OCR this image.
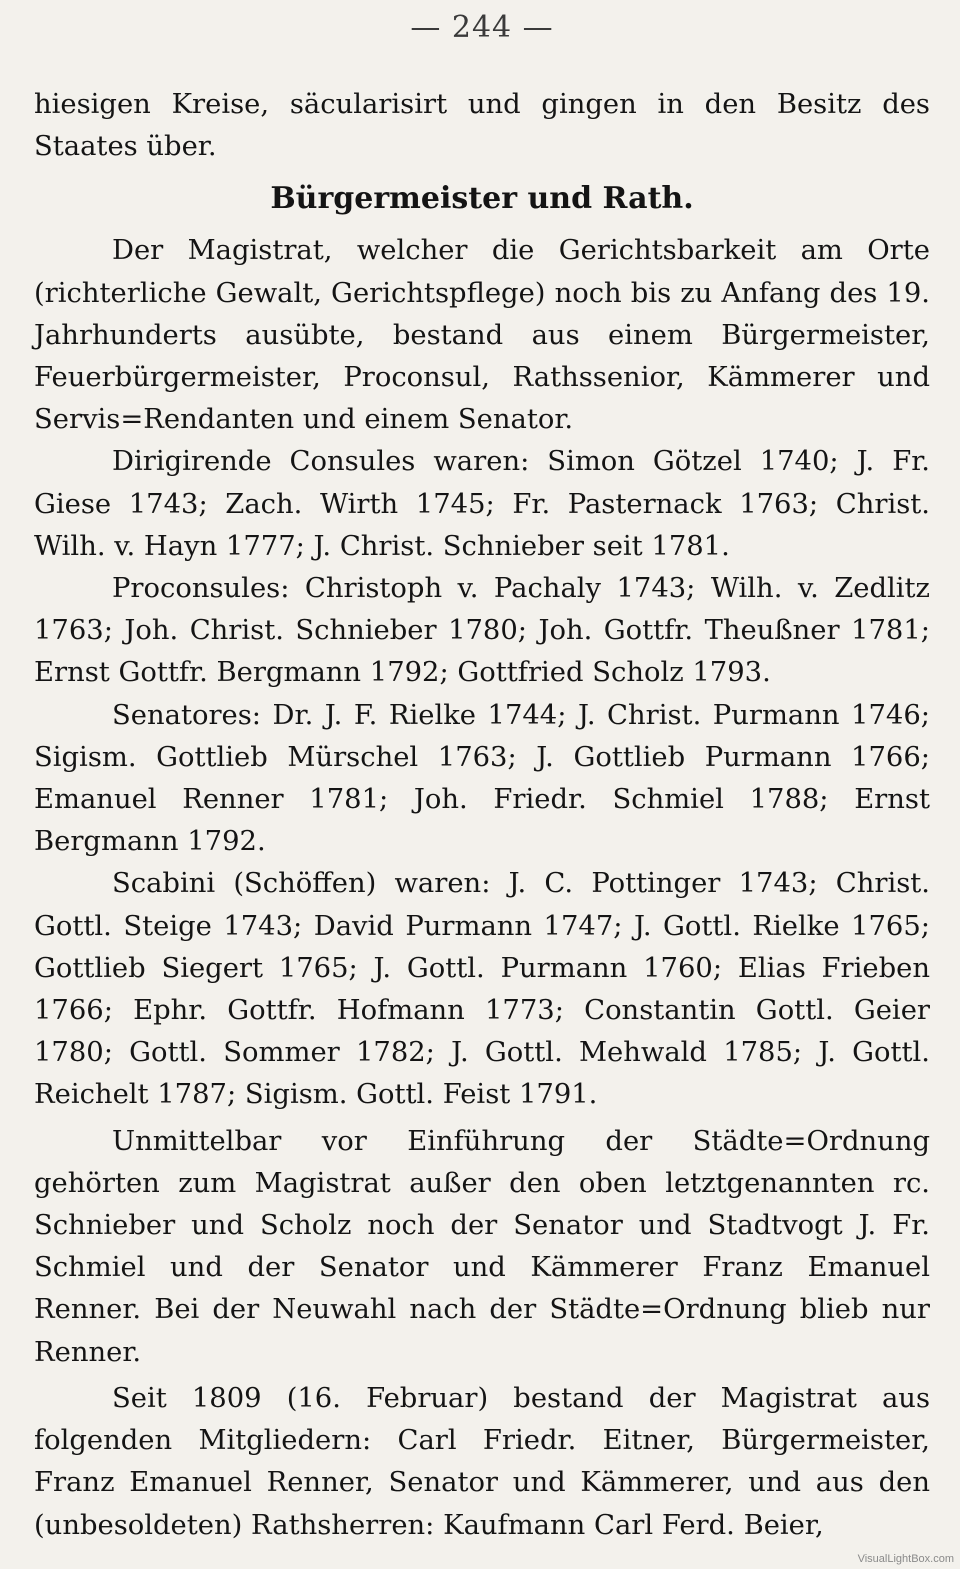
— 244 —

hiesigen Kreise, säcularisirt und gingen in den Besitz des Staates über.

Bürgermeister und Rath.

Der Magistrat, welcher die Gerichtsbarkeit am Orte (richterliche Gewalt, Gerichtspflege) noch bis zu Anfang des 19. Jahrhunderts ausübte, bestand aus einem Bürgermeister, Feuerbürgermeister, Proconsul, Rathssenior, Kämmerer und Servis=Rendanten und einem Senator.

Dirigirende Consules waren: Simon Götzel 1740; J. Fr. Giese 1743; Zach. Wirth 1745; Fr. Pasternack 1763; Christ. Wilh. v. Hayn 1777; J. Christ. Schnieber seit 1781.

Proconsules: Christoph v. Pachaly 1743; Wilh. v. Zedlitz 1763; Joh. Christ. Schnieber 1780; Joh. Gottfr. Theußner 1781; Ernst Gottfr. Bergmann 1792; Gottfried Scholz 1793.

Senatores: Dr. J. F. Rielke 1744; J. Christ. Purmann 1746; Sigism. Gottlieb Mürschel 1763; J. Gottlieb Purmann 1766; Emanuel Renner 1781; Joh. Friedr. Schmiel 1788; Ernst Bergmann 1792.

Scabini (Schöffen) waren: J. C. Pottinger 1743; Christ. Gottl. Steige 1743; David Purmann 1747; J. Gottl. Rielke 1765; Gottlieb Siegert 1765; J. Gottl. Purmann 1760; Elias Frieben 1766; Ephr. Gottfr. Hofmann 1773; Constantin Gottl. Geier 1780; Gottl. Sommer 1782; J. Gottl. Mehwald 1785; J. Gottl. Reichelt 1787; Sigism. Gottl. Feist 1791.

Unmittelbar vor Einführung der Städte=Ordnung gehörten zum Magistrat außer den oben letztgenannten rc. Schnieber und Scholz noch der Senator und Stadtvogt J. Fr. Schmiel und der Senator und Kämmerer Franz Emanuel Renner. Bei der Neuwahl nach der Städte=Ordnung blieb nur Renner.

Seit 1809 (16. Februar) bestand der Magistrat aus folgenden Mitgliedern: Carl Friedr. Eitner, Bürgermeister, Franz Emanuel Renner, Senator und Kämmerer, und aus den (unbesoldeten) Rathsherren: Kaufmann Carl Ferd. Beier,

VisualLightBox.com
